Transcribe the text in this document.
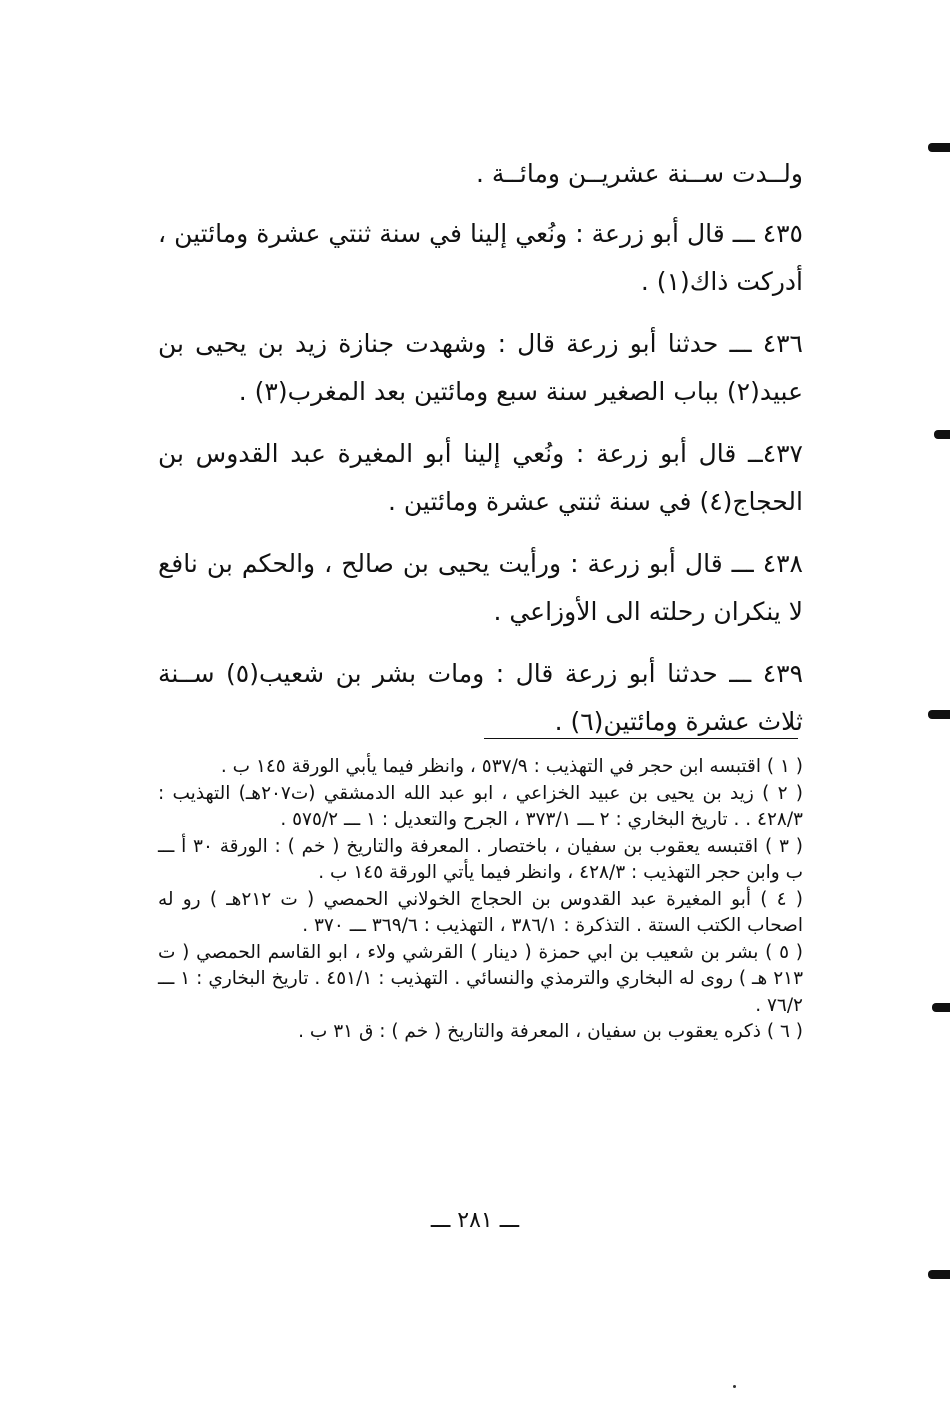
ولــدت ســنة عشريــن ومائــة .

٤٣٥ ـــ قال أبو زرعة : ونُعي إلينا في سنة ثنتي عشرة ومائتين ، أدركت ذاك(١) .

٤٣٦ ـــ حدثنا أبو زرعة قال : وشهدت جنازة زيد بن يحيى بن عبيد(٢) بباب الصغير سنة سبع ومائتين بعد المغرب(٣) .

٤٣٧ــ قال أبو زرعة : ونُعي إلينا أبو المغيرة عبد القدوس بن الحجاج(٤) في سنة ثنتي عشرة ومائتين .

٤٣٨ ـــ قال أبو زرعة : ورأيت يحيى بن صالح ، والحكم بن نافع لا ينكران رحلته الى الأوزاعي .

٤٣٩ ـــ حدثنا أبو زرعة قال : ومات بشر بن شعيب(٥) ســنة ثلاث عشرة ومائتين(٦) .

( ١ ) اقتبسه ابن حجر في التهذيب : ٥٣٧/٩ ، وانظر فيما يأبي الورقة ١٤٥ ب .

( ٢ ) زيد بن يحيى بن عبيد الخزاعي ، ابو عبد الله الدمشقي (ت٢٠٧هـ) التهذيب : ٤٢٨/٣ . . تاريخ البخاري : ٢ ـــ ٣٧٣/١ ، الجرح والتعديل : ١ ـــ ٥٧٥/٢ .

( ٣ ) اقتبسه يعقوب بن سفيان ، باختصار . المعرفة والتاريخ ( خم ) : الورقة ٣٠ أ ـــ ب وابن حجر التهذيب : ٤٢٨/٣ ، وانظر فيما يأتي الورقة ١٤٥ ب .

( ٤ ) أبو المغيرة عبد القدوس بن الحجاج الخولاني الحمصي ( ت ٢١٢هـ ) رو له اصحاب الكتب الستة . التذكرة : ٣٨٦/١ ، التهذيب : ٣٦٩/٦ ـــ ٣٧٠ .

( ٥ ) بشر بن شعيب بن ابي حمزة ( دينار ) القرشي ولاء ، ابو القاسم الحمصي ( ت ٢١٣ هـ ) روى له البخاري والترمذي والنسائي . التهذيب : ٤٥١/١ . تاريخ البخاري : ١ ـــ ٧٦/٢ .

( ٦ ) ذكره يعقوب بن سفيان ، المعرفة والتاريخ ( خم ) : ق ٣١ ب .

ـــ ٢٨١ ـــ
